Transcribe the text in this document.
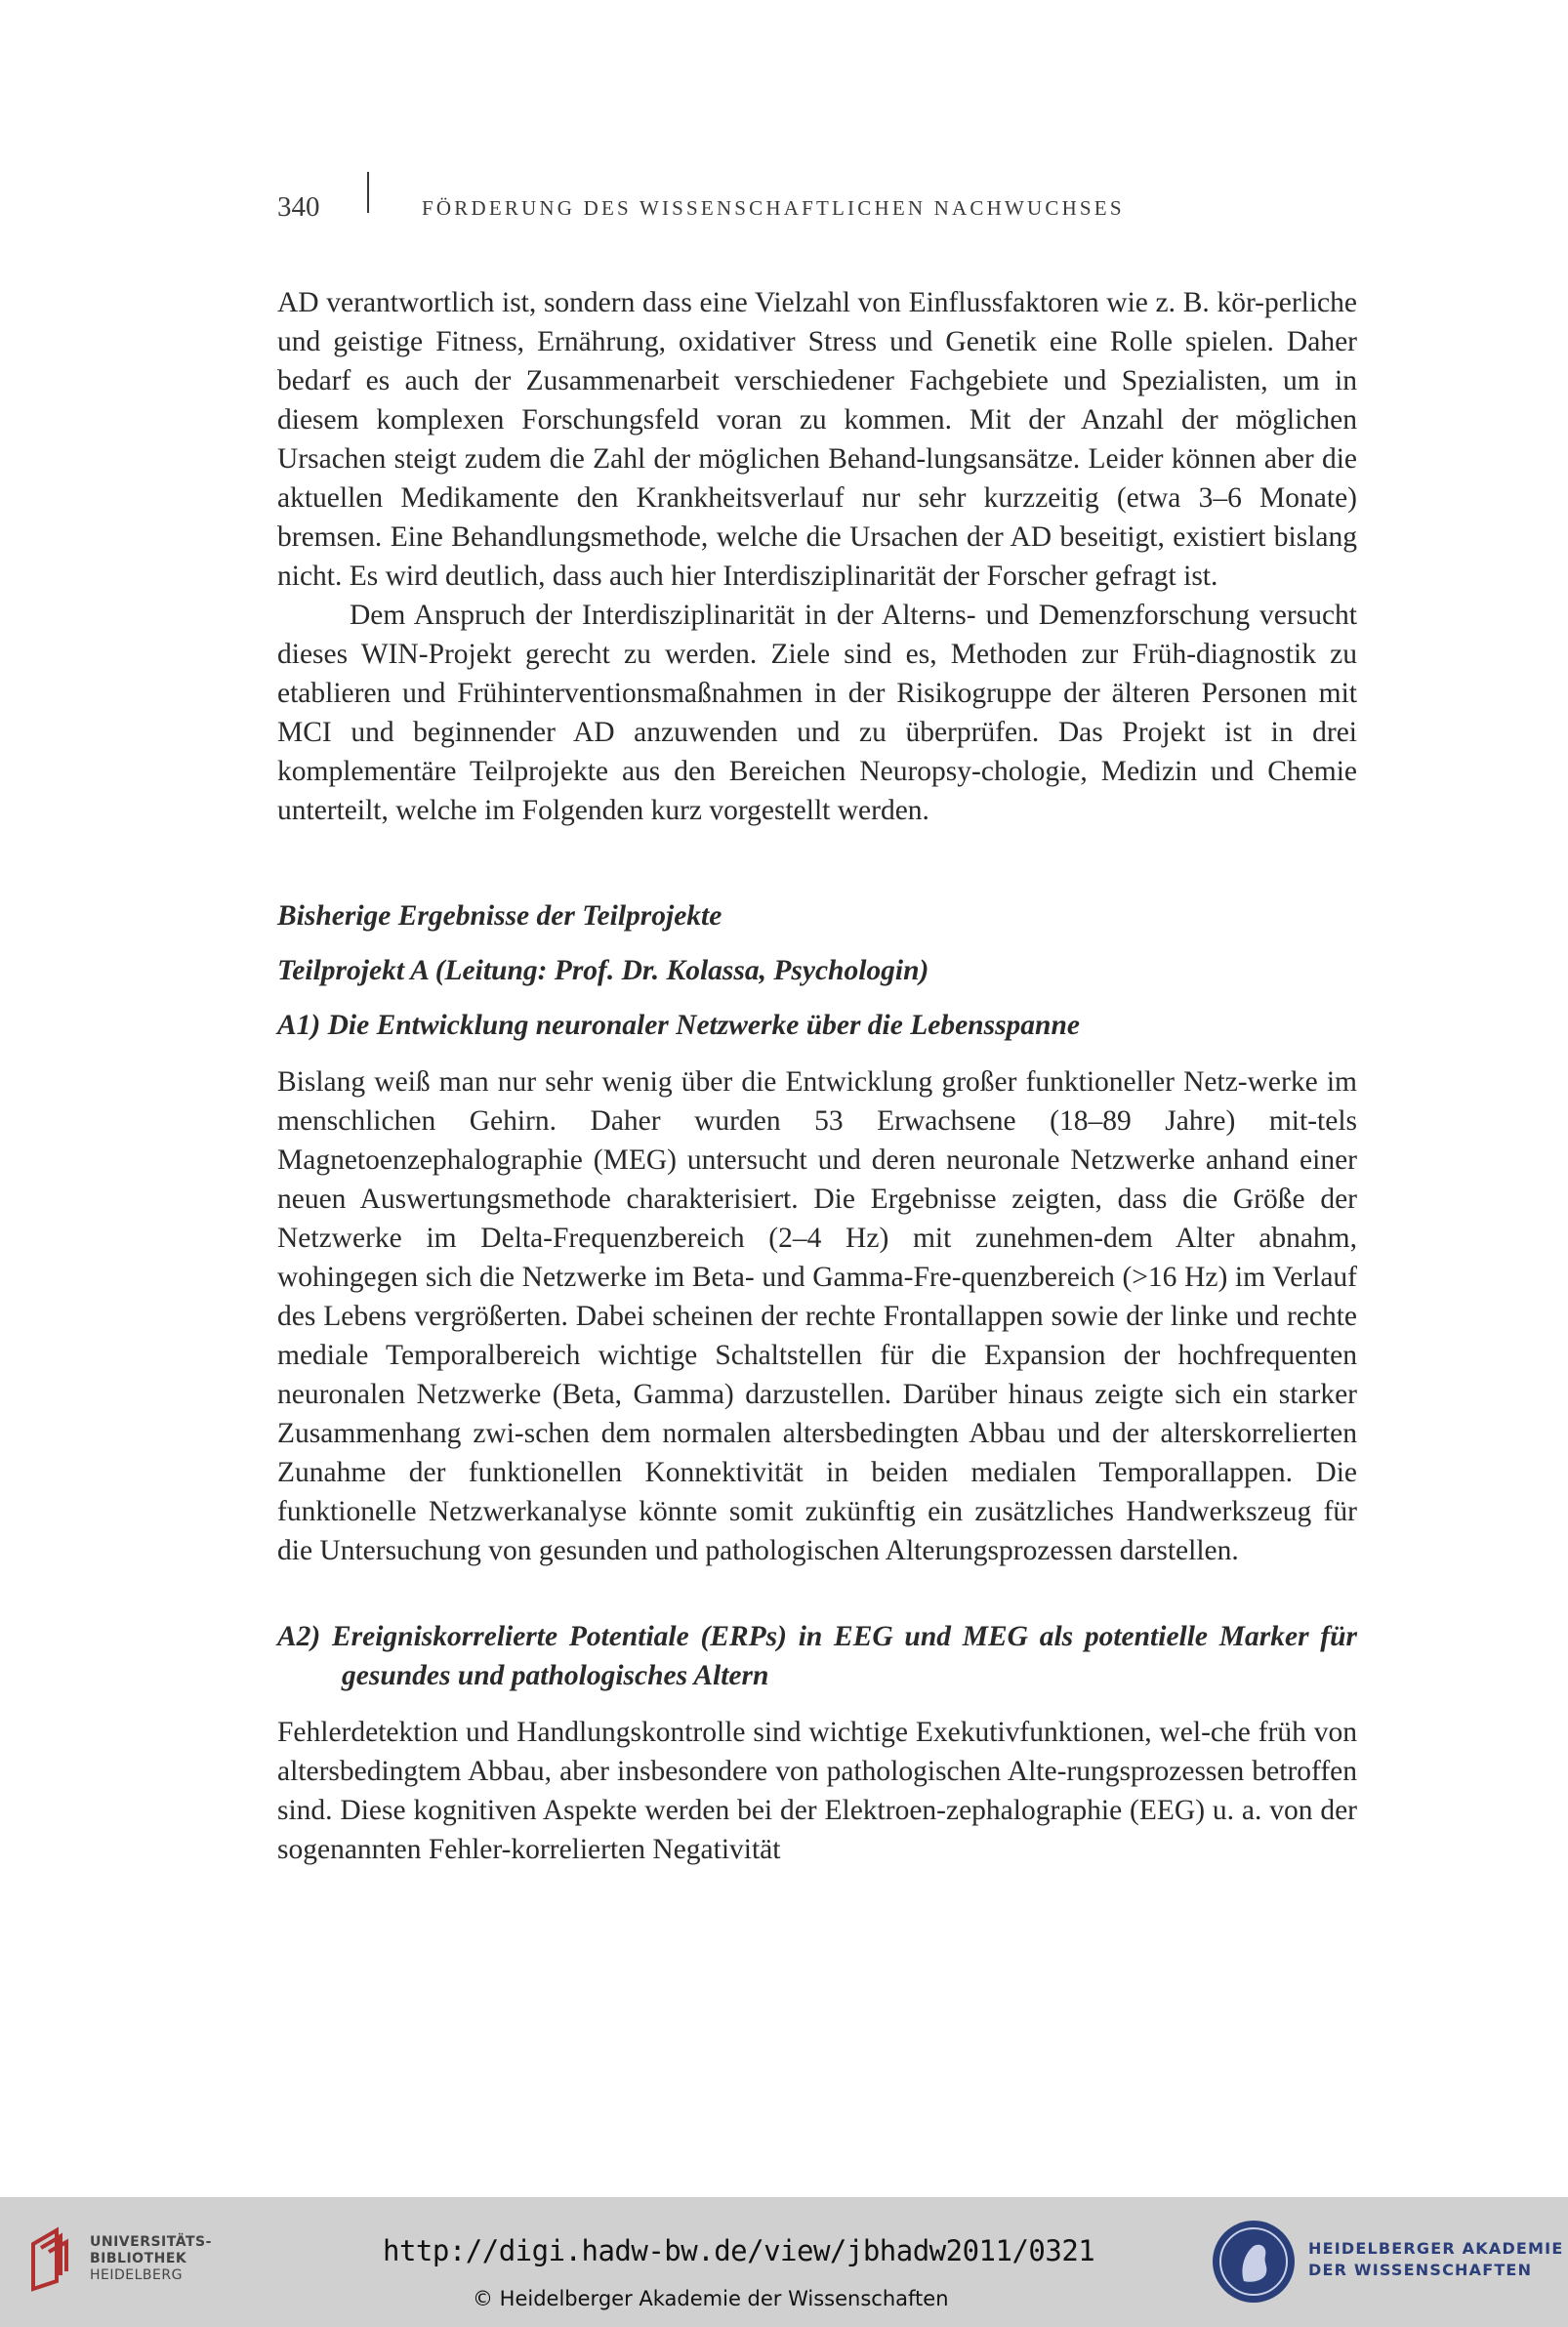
340	FÖRDERUNG DES WISSENSCHAFTLICHEN NACHWUCHSES

AD verantwortlich ist, sondern dass eine Vielzahl von Einflussfaktoren wie z. B. kör-perliche und geistige Fitness, Ernährung, oxidativer Stress und Genetik eine Rolle spielen. Daher bedarf es auch der Zusammenarbeit verschiedener Fachgebiete und Spezialisten, um in diesem komplexen Forschungsfeld voran zu kommen. Mit der Anzahl der möglichen Ursachen steigt zudem die Zahl der möglichen Behand-lungsansätze. Leider können aber die aktuellen Medikamente den Krankheitsverlauf nur sehr kurzzeitig (etwa 3–6 Monate) bremsen. Eine Behandlungsmethode, welche die Ursachen der AD beseitigt, existiert bislang nicht. Es wird deutlich, dass auch hier Interdisziplinarität der Forscher gefragt ist.

Dem Anspruch der Interdisziplinarität in der Alterns- und Demenzforschung versucht dieses WIN-Projekt gerecht zu werden. Ziele sind es, Methoden zur Früh-diagnostik zu etablieren und Frühinterventionsmaßnahmen in der Risikogruppe der älteren Personen mit MCI und beginnender AD anzuwenden und zu überprüfen. Das Projekt ist in drei komplementäre Teilprojekte aus den Bereichen Neuropsy-chologie, Medizin und Chemie unterteilt, welche im Folgenden kurz vorgestellt werden.

Bisherige Ergebnisse der Teilprojekte
Teilprojekt A (Leitung: Prof. Dr. Kolassa, Psychologin)
A1) Die Entwicklung neuronaler Netzwerke über die Lebensspanne

Bislang weiß man nur sehr wenig über die Entwicklung großer funktioneller Netz-werke im menschlichen Gehirn. Daher wurden 53 Erwachsene (18–89 Jahre) mit-tels Magnetoenzephalographie (MEG) untersucht und deren neuronale Netzwerke anhand einer neuen Auswertungsmethode charakterisiert. Die Ergebnisse zeigten, dass die Größe der Netzwerke im Delta-Frequenzbereich (2–4 Hz) mit zunehmen-dem Alter abnahm, wohingegen sich die Netzwerke im Beta- und Gamma-Fre-quenzbereich (>16 Hz) im Verlauf des Lebens vergrößerten. Dabei scheinen der rechte Frontallappen sowie der linke und rechte mediale Temporalbereich wichtige Schaltstellen für die Expansion der hochfrequenten neuronalen Netzwerke (Beta, Gamma) darzustellen. Darüber hinaus zeigte sich ein starker Zusammenhang zwi-schen dem normalen altersbedingten Abbau und der alterskorrelierten Zunahme der funktionellen Konnektivität in beiden medialen Temporallappen. Die funktionelle Netzwerkanalyse könnte somit zukünftig ein zusätzliches Handwerkszeug für die Untersuchung von gesunden und pathologischen Alterungsprozessen darstellen.

A2) Ereigniskorrelierte Potentiale (ERPs) in EEG und MEG als potentielle Marker für gesundes und pathologisches Altern

Fehlerdetektion und Handlungskontrolle sind wichtige Exekutivfunktionen, wel-che früh von altersbedingtem Abbau, aber insbesondere von pathologischen Alte-rungsprozessen betroffen sind. Diese kognitiven Aspekte werden bei der Elektroen-zephalographie (EEG) u. a. von der sogenannten Fehler-korrelierten Negativität

UNIVERSITÄTS-
BIBLIOTHEK
HEIDELBERG
http://digi.hadw-bw.de/view/jbhadw2011/0321
© Heidelberger Akademie der Wissenschaften
HEIDELBERGER AKADEMIE
DER WISSENSCHAFTEN
